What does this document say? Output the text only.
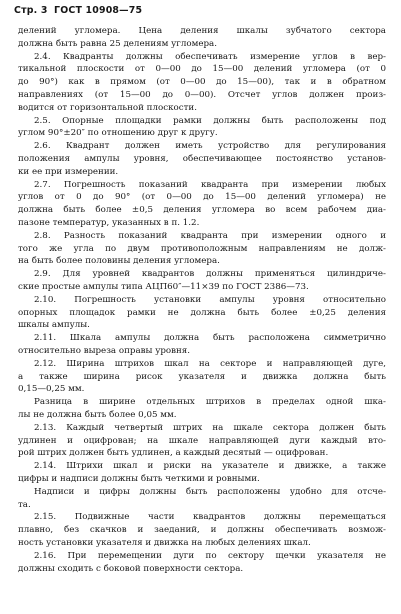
Стр. 3 ГОСТ 10908—75
делений угломера. Цена деления шкалы зубчатого сектора
должна быть равна 25 делениям угломера.
2.4. Квадранты должны обеспечивать измерение углов в вер-
тикальной плоскости от 0—00 до 15—00 делений угломера (от 0
до 90°) как в прямом (от 0—00 до 15—00), так и в обратном
направлениях (от 15—00 до 0—00). Отсчет углов должен произ-
водится от горизонтальной плоскости.
2.5. Опорные площадки рамки должны быть расположены под
углом 90°±20″ по отношению друг к другу.
2.6. Квадрант должен иметь устройство для регулирования
положения ампулы уровня, обеспечивающее постоянство установ-
ки ее при измерении.
2.7. Погрешность показаний квадранта при измерении любых
углов от 0 до 90° (от 0—00 до 15—00 делений угломера) не
должна быть более ±0,5 деления угломера во всем рабочем диа-
пазоне температур, указанных в п. 1.2.
2.8. Разность показаний квадранта при измерении одного и
того же угла по двум противоположным направлениям не долж-
на быть более половины деления угломера.
2.9. Для уровней квадрантов должны применяться цилиндриче-
ские простые ампулы типа АЦП60″—11×39 по ГОСТ 2386—73.
2.10. Погрешность установки ампулы уровня относительно
опорных площадок рамки не должна быть более ±0,25 деления
шкалы ампулы.
2.11. Шкала ампулы должна быть расположена симметрично
относительно выреза оправы уровня.
2.12. Ширина штрихов шкал на секторе и направляющей дуге,
а также ширина рисок указателя и движка должна быть
0,15—0,25 мм.
Разница в ширине отдельных штрихов в пределах одной шка-
лы не должна быть более 0,05 мм.
2.13. Каждый четвертый штрих на шкале сектора должен быть
удлинен и оцифрован; на шкале направляющей дуги каждый вто-
рой штрих должен быть удлинен, а каждый десятый — оцифрован.
2.14. Штрихи шкал и риски на указателе и движке, а также
цифры и надписи должны быть четкими и ровными.
Надписи и цифры должны быть расположены удобно для отсче-
та.
2.15. Подвижные части квадрантов должны перемещаться
плавно, без скачков и заеданий, и должны обеспечивать возмож-
ность установки указателя и движка на любых делениях шкал.
2.16. При перемещении дуги по сектору щечки указателя не
должны сходить с боковой поверхности сектора.
